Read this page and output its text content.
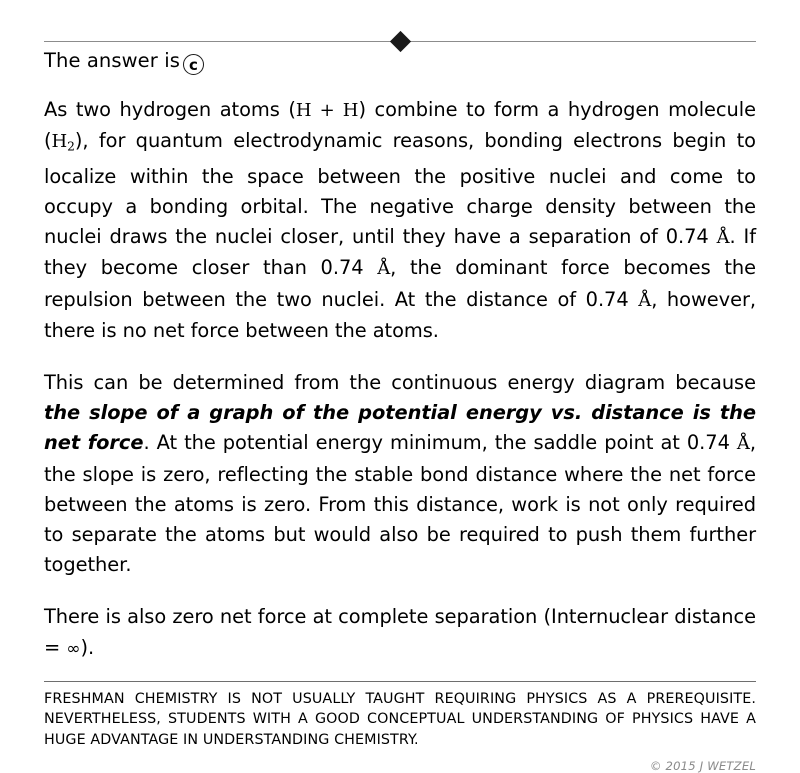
The answer is c

As two hydrogen atoms (H + H) combine to form a hydrogen molecule $(H_2)$, for quantum electrodynamic reasons, bonding electrons begin to localize within the space between the positive nuclei and come to occupy a bonding orbital. The negative charge density between the nuclei draws the nuclei closer, until they have a separation of 0.74 Å. If they become closer than 0.74 Å, the dominant force becomes the repulsion between the two nuclei. At the distance of 0.74 Å, however, there is no net force between the atoms.

This can be determined from the continuous energy diagram because the slope of a graph of the potential energy vs. distance is the net force. At the potential energy minimum, the saddle point at 0.74 Å, the slope is zero, reflecting the stable bond distance where the net force between the atoms is zero. From this distance, work is not only required to separate the atoms but would also be required to push them further together.

There is also zero net force at complete separation (Internuclear distance = ∞).

FRESHMAN CHEMISTRY IS NOT USUALLY TAUGHT REQUIRING PHYSICS AS A PREREQUISITE. NEVERTHELESS, STUDENTS WITH A GOOD CONCEPTUAL UNDERSTANDING OF PHYSICS HAVE A HUGE ADVANTAGE IN UNDERSTANDING CHEMISTRY.
© 2015 J WETZEL
